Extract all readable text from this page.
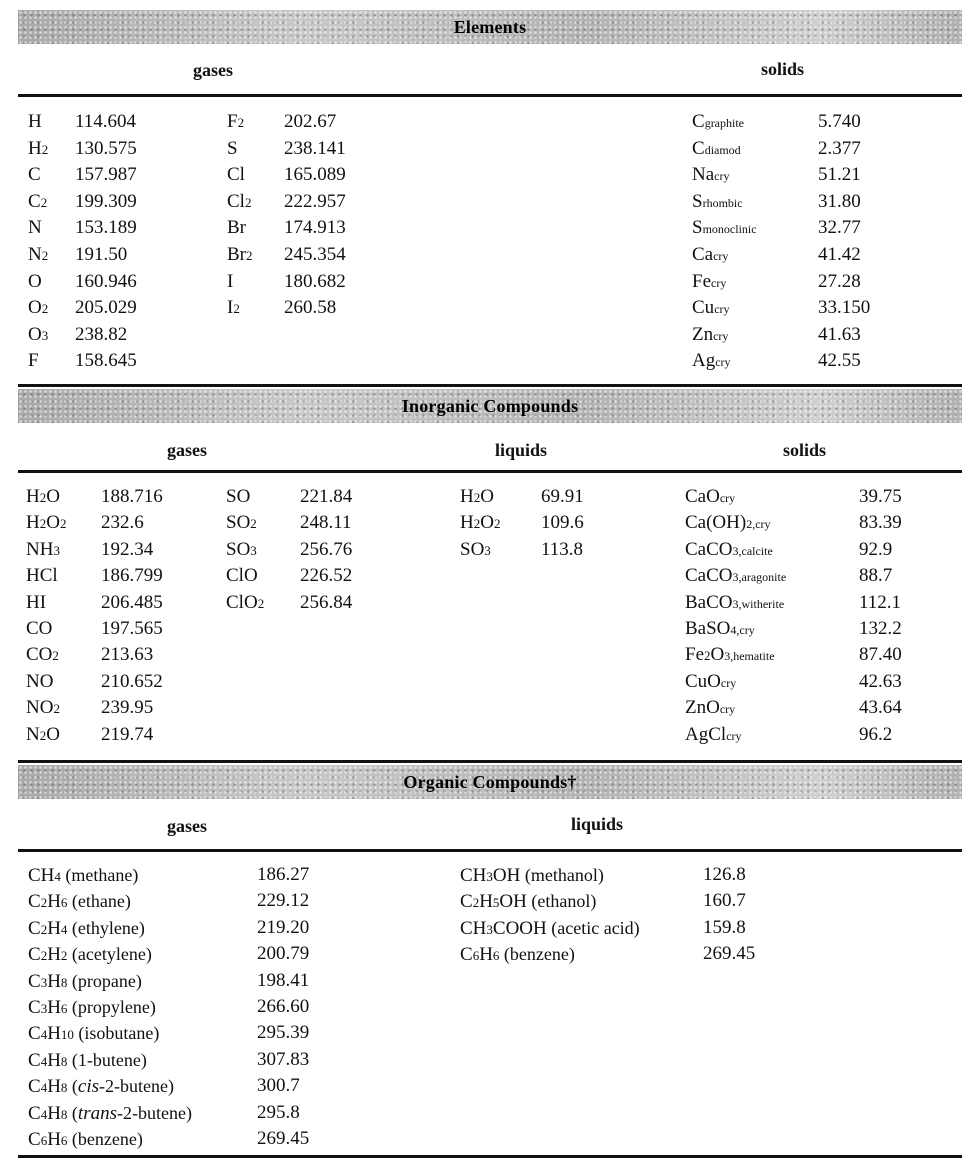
Elements
gases	solids
H 114.604
H2 130.575
C 157.987
C2 199.309
N 153.189
N2 191.50
O 160.946
O2 205.029
O3 238.82
F 158.645
F2 202.67
S 238.141
Cl 165.089
Cl2 222.957
Br 174.913
Br2 245.354
I	180.682
I2 260.58
Cgraphite	5.740
Cdiamod	2.377
Nacry	51.21
Srhombic	31.80
Smonoclinic	32.77
Cacry	41.42
Fecry	27.28
Cucry	33.150
Zncry	41.63
Agcry	42.55
Inorganic Compounds
gases	liquids	solids
H2O 188.716
H2O2 232.6
NH3 192.34
HCl 186.799
HI	206.485
CO	197.565
CO2 213.63
NO	210.652
NO2 239.95
N2O 219.74
SO	221.84
SO2 248.11
SO3 256.76
ClO 226.52
ClO2 256.84
H2O 69.91
H2O2 109.6
SO3	113.8
CaOcry	39.75
Ca(OH)2,cry	83.39
CaCO3,calcite	92.9
CaCO3,aragonite	88.7
BaCO3,witherite	112.1
BaSO4,cry	132.2
Fe2O3,hematite	87.40
CuOcry	42.63
ZnOcry	43.64
AgClcry	96.2
Organic Compounds†
gases	liquids
CH4 (methane)	186.27
C2H6 (ethane)	229.12
C2H4 (ethylene)	219.20
C2H2 (acetylene)	200.79
C3H8 (propane)	198.41
C3H6 (propylene)	266.60
C4H10 (isobutane)	295.39
C4H8 (1-butene)	307.83
C4H8 (cis-2-butene)	300.7
C4H8 (trans-2-butene)	295.8
C6H6 (benzene)	269.45
CH3OH (methanol)	126.8
C2H5OH (ethanol)	160.7
CH3COOH (acetic acid)	159.8
C6H6 (benzene)	269.45
